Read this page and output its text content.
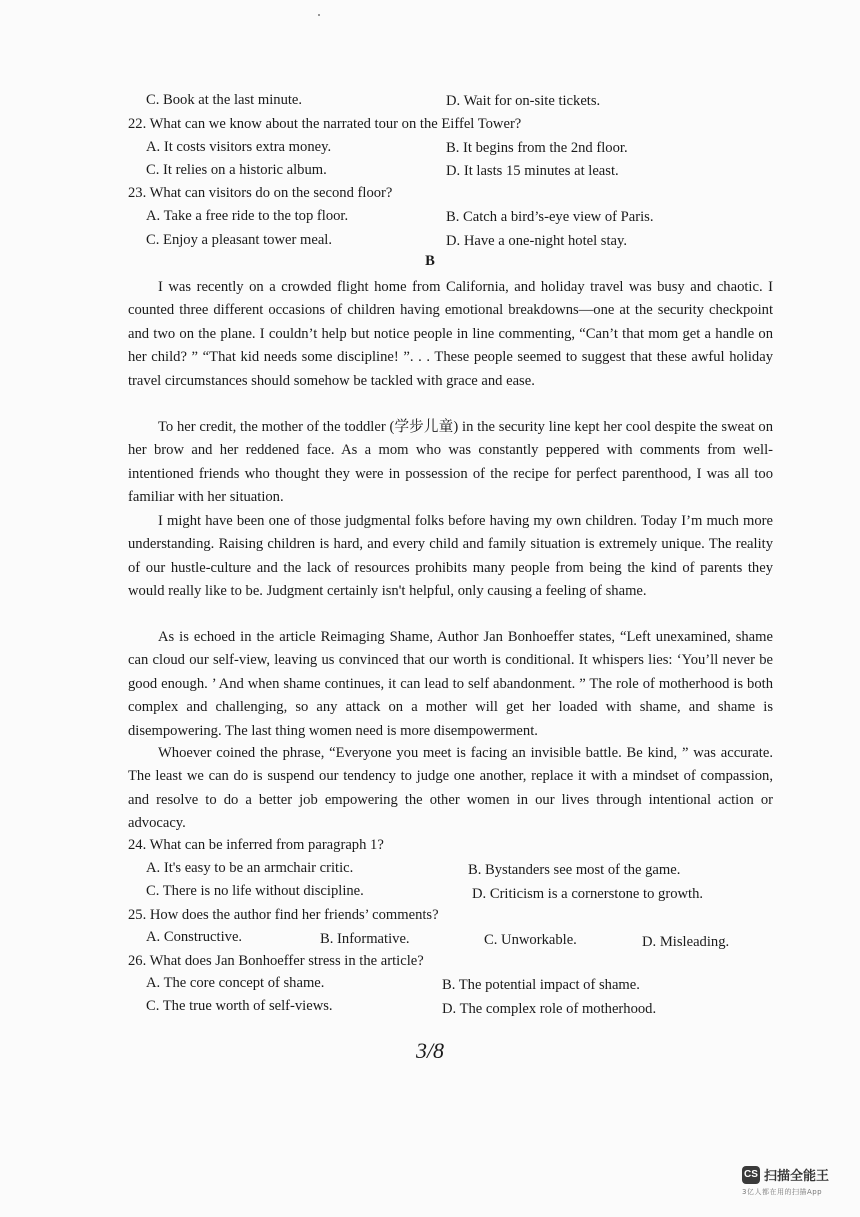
C. Book at the last minute.	D. Wait for on-site tickets.
22. What can we know about the narrated tour on the Eiffel Tower?
A. It costs visitors extra money.	B. It begins from the 2nd floor.
C. It relies on a historic album.	D. It lasts 15 minutes at least.
23. What can visitors do on the second floor?
A. Take a free ride to the top floor.	B. Catch a bird’s-eye view of Paris.
C. Enjoy a pleasant tower meal.	D. Have a one-night hotel stay.
B
I was recently on a crowded flight home from California, and holiday travel was busy and chaotic. I counted three different occasions of children having emotional breakdowns—one at the security checkpoint and two on the plane. I couldn’t help but notice people in line commenting, “Can’t that mom get a handle on her child? ” “That kid needs some discipline! ”. . . These people seemed to suggest that these awful holiday travel circumstances should somehow be tackled with grace and ease.
To her credit, the mother of the toddler (学步儿童) in the security line kept her cool despite the sweat on her brow and her reddened face. As a mom who was constantly peppered with comments from well-intentioned friends who thought they were in possession of the recipe for perfect parenthood, I was all too familiar with her situation.
I might have been one of those judgmental folks before having my own children. Today I’m much more understanding. Raising children is hard, and every child and family situation is extremely unique. The reality of our hustle-culture and the lack of resources prohibits many people from being the kind of parents they would really like to be. Judgment certainly isn't helpful, only causing a feeling of shame.
As is echoed in the article Reimaging Shame, Author Jan Bonhoeffer states, “Left unexamined, shame can cloud our self-view, leaving us convinced that our worth is conditional. It whispers lies: ‘You’ll never be good enough. ’ And when shame continues, it can lead to self abandonment. ” The role of motherhood is both complex and challenging, so any attack on a mother will get her loaded with shame, and shame is disempowering. The last thing women need is more disempowerment.
Whoever coined the phrase, “Everyone you meet is facing an invisible battle. Be kind, ” was accurate. The least we can do is suspend our tendency to judge one another, replace it with a mindset of compassion, and resolve to do a better job empowering the other women in our lives through intentional action or advocacy.
24. What can be inferred from paragraph 1?
A. It's easy to be an armchair critic.	B. Bystanders see most of the game.
C. There is no life without discipline.	D. Criticism is a cornerstone to growth.
25. How does the author find her friends’ comments?
A. Constructive.	B. Informative.	C. Unworkable.	D. Misleading.
26. What does Jan Bonhoeffer stress in the article?
A. The core concept of shame.	B. The potential impact of shame.
C. The true worth of self-views.	D. The complex role of motherhood.
3/8
CS 扫描全能王
3亿人都在用的扫描App
